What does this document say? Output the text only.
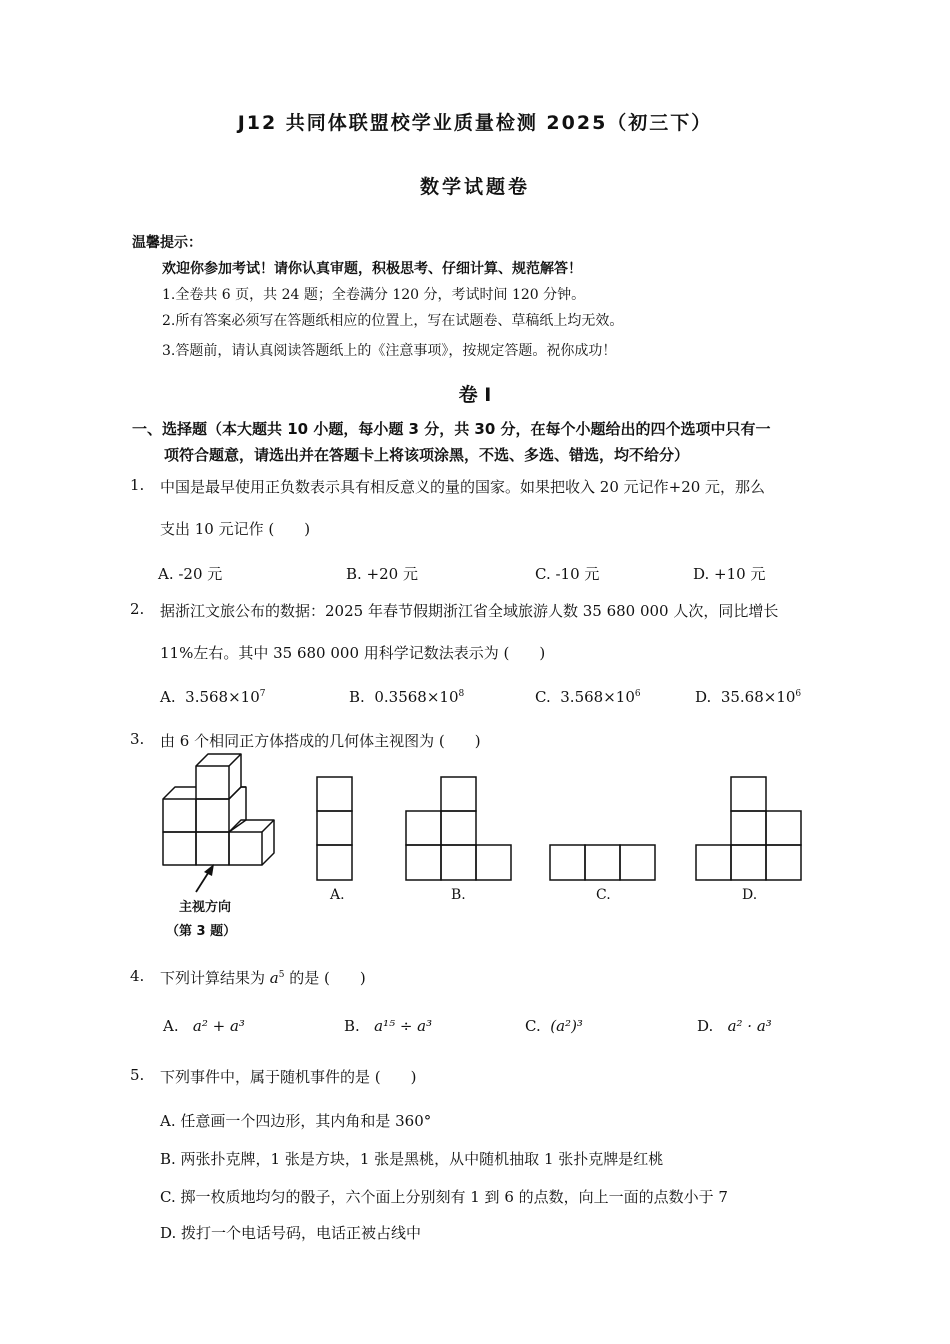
J12 共同体联盟校学业质量检测 2025（初三下）
数学试题卷
温馨提示：
欢迎你参加考试！请你认真审题，积极思考、仔细计算、规范解答！
1.全卷共 6 页，共 24 题；全卷满分 120 分，考试时间 120 分钟。
2.所有答案必须写在答题纸相应的位置上，写在试题卷、草稿纸上均无效。
3.答题前，请认真阅读答题纸上的《注意事项》，按规定答题。祝你成功！
卷 I
一、选择题（本大题共 10 小题，每小题 3 分，共 30 分，在每个小题给出的四个选项中只有一
项符合题意，请选出并在答题卡上将该项涂黑，不选、多选、错选，均不给分）
1. 中国是最早使用正负数表示具有相反意义的量的国家。如果把收入 20 元记作+20 元，那么
支出 10 元记作 (　　)
A. -20 元	B. +20 元	C. -10 元	D. +10 元
2. 据浙江文旅公布的数据：2025 年春节假期浙江省全域旅游人数 35 680 000 人次，同比增长
11%左右。其中 35 680 000 用科学记数法表示为 (　　)
A. $3.568\times 10^7$	B. $0.3568\times 10^8$	C. $3.568\times 10^6$	D. $35.68\times 10^6$
3. 由 6 个相同正方体搭成的几何体主视图为 (　　)
主视方向
（第 3 题）
A.	B.	C.	D.
4. 下列计算结果为 $a^5$ 的是 (　　)
A. a² + a³	B. a¹⁵ ÷ a³	C. (a²)³	D. a² · a³
5. 下列事件中，属于随机事件的是 (　　)
A. 任意画一个四边形，其内角和是 360°
B. 两张扑克牌，1 张是方块，1 张是黑桃，从中随机抽取 1 张扑克牌是红桃
C. 掷一枚质地均匀的骰子，六个面上分别刻有 1 到 6 的点数，向上一面的点数小于 7
D. 拨打一个电话号码，电话正被占线中
